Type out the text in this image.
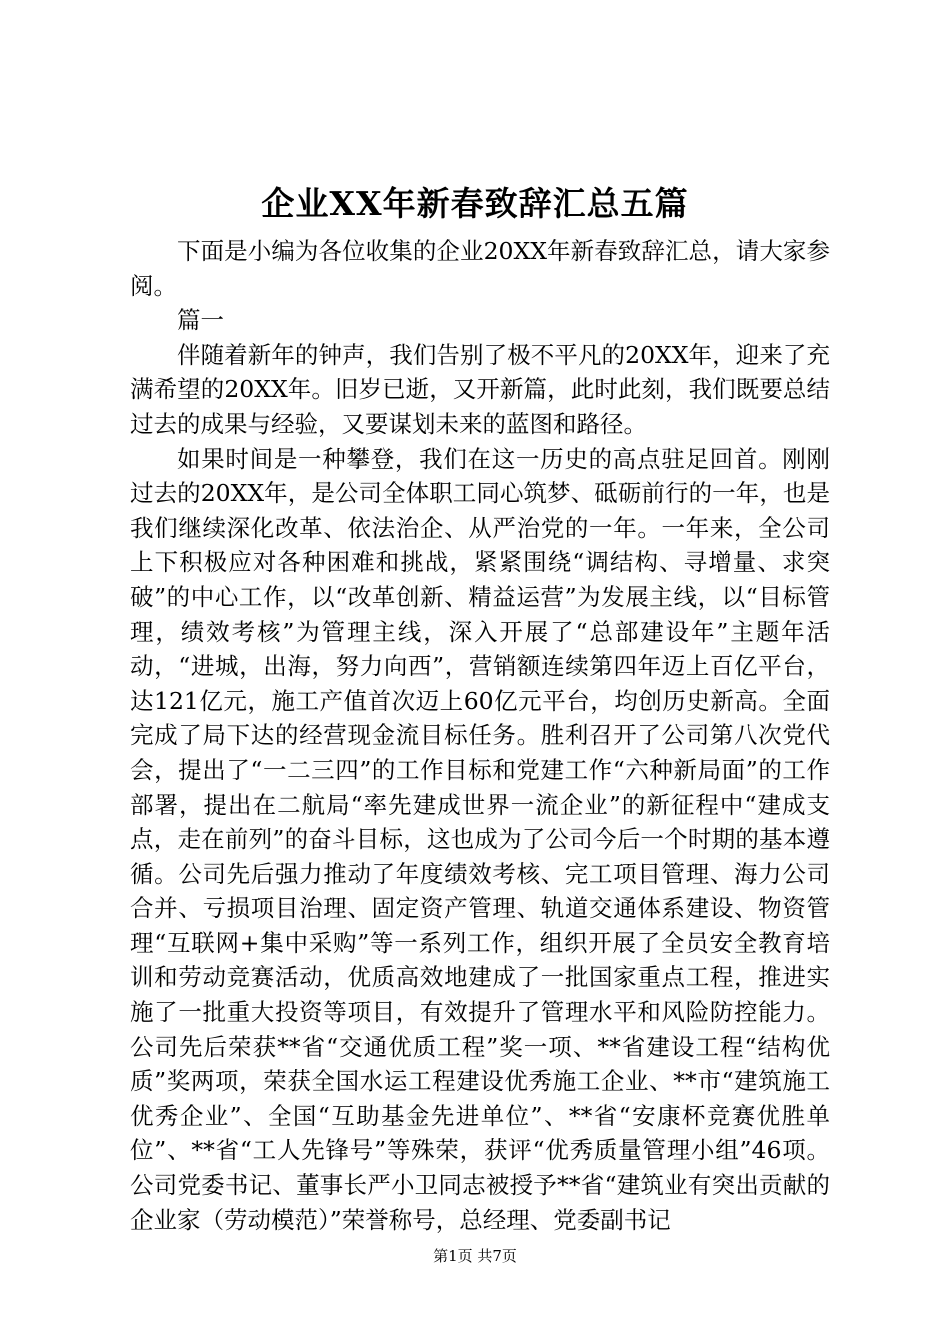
企业XX年新春致辞汇总五篇

下面是小编为各位收集的企业20XX年新春致辞汇总，请大家参阅。

篇一

伴随着新年的钟声，我们告别了极不平凡的20XX年，迎来了充满希望的20XX年。旧岁已逝，又开新篇，此时此刻，我们既要总结过去的成果与经验，又要谋划未来的蓝图和路径。

如果时间是一种攀登，我们在这一历史的高点驻足回首。刚刚过去的20XX年，是公司全体职工同心筑梦、砥砺前行的一年，也是我们继续深化改革、依法治企、从严治党的一年。一年来，全公司上下积极应对各种困难和挑战，紧紧围绕“调结构、寻增量、求突破”的中心工作，以“改革创新、精益运营”为发展主线，以“目标管理，绩效考核”为管理主线，深入开展了“总部建设年”主题年活动，“进城，出海，努力向西”，营销额连续第四年迈上百亿平台，达121亿元，施工产值首次迈上60亿元平台，均创历史新高。全面完成了局下达的经营现金流目标任务。胜利召开了公司第八次党代会，提出了“一二三四”的工作目标和党建工作“六种新局面”的工作部署，提出在二航局“率先建成世界一流企业”的新征程中“建成支点，走在前列”的奋斗目标，这也成为了公司今后一个时期的基本遵循。公司先后强力推动了年度绩效考核、完工项目管理、海力公司合并、亏损项目治理、固定资产管理、轨道交通体系建设、物资管理“互联网+集中采购”等一系列工作，组织开展了全员安全教育培训和劳动竞赛活动，优质高效地建成了一批国家重点工程，推进实施了一批重大投资等项目，有效提升了管理水平和风险防控能力。公司先后荣获**省“交通优质工程”奖一项、**省建设工程“结构优质”奖两项，荣获全国水运工程建设优秀施工企业、**市“建筑施工优秀企业”、全国“互助基金先进单位”、**省“安康杯竞赛优胜单位”、**省“工人先锋号”等殊荣，获评“优秀质量管理小组”46项。公司党委书记、董事长严小卫同志被授予**省“建筑业有突出贡献的企业家（劳动模范）”荣誉称号，总经理、党委副书记

第1页 共7页
